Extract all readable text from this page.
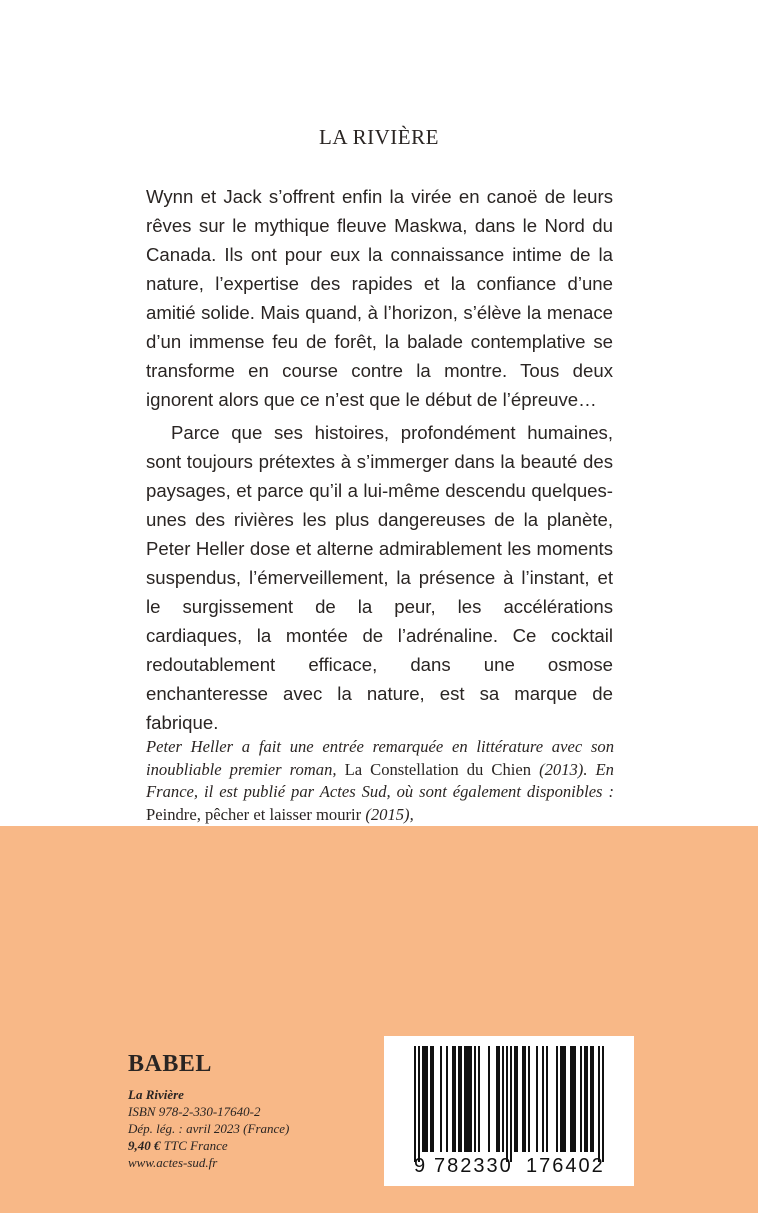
LA RIVIÈRE

Wynn et Jack s’offrent enfin la virée en canoë de leurs rêves sur le mythique fleuve Maskwa, dans le Nord du Canada. Ils ont pour eux la connaissance intime de la nature, l’expertise des rapides et la confiance d’une amitié solide. Mais quand, à l’horizon, s’élève la menace d’un immense feu de forêt, la balade contemplative se transforme en course contre la montre. Tous deux ignorent alors que ce n’est que le début de l’épreuve…

Parce que ses histoires, profondément humaines, sont toujours prétextes à s’immerger dans la beauté des paysages, et parce qu’il a lui-même descendu quelques-unes des rivières les plus dangereuses de la planète, Peter Heller dose et alterne admirablement les moments suspendus, l’émerveillement, la présence à l’instant, et le surgissement de la peur, les accélérations cardiaques, la montée de l’adrénaline. Ce cocktail redoutablement efficace, dans une osmose enchanteresse avec la nature, est sa marque de fabrique.

Peter Heller a fait une entrée remarquée en littérature avec son inoubliable premier roman, La Constellation du Chien (2013). En France, il est publié par Actes Sud, où sont également disponibles : Peindre, pêcher et laisser mourir (2015),
BABEL
La Rivière
ISBN 978-2-330-17640-2
Dép. lég. : avril 2023 (France)
9,40 € TTC France
www.actes-sud.fr	9 782330 176402
